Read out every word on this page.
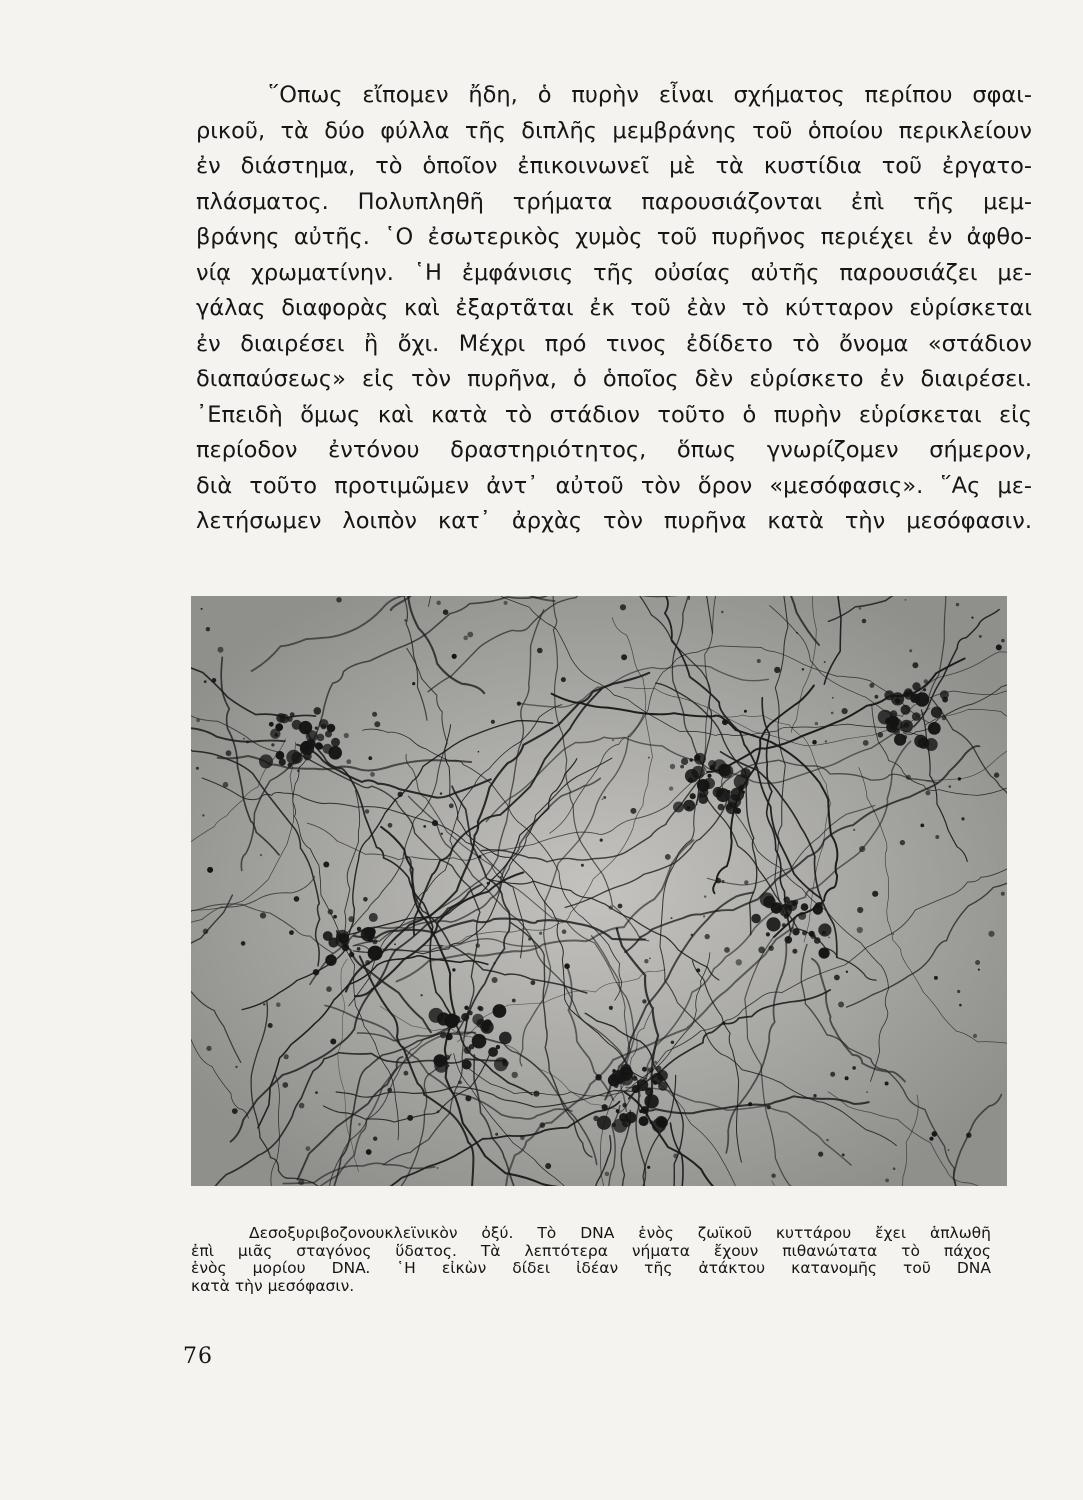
῞Οπως εἴπομεν ἤδη, ὁ πυρὴν εἶναι σχήματος περίπου σφαι-
ρικοῦ, τὰ δύο φύλλα τῆς διπλῆς μεμβράνης τοῦ ὁποίου περικλείουν
ἐν διάστημα, τὸ ὁποῖον ἐπικοινωνεῖ μὲ τὰ κυστίδια τοῦ ἐργατο-
πλάσματος. Πολυπληθῆ τρήματα παρουσιάζονται ἐπὶ τῆς μεμ-
βράνης αὐτῆς. ῾Ο ἐσωτερικὸς χυμὸς τοῦ πυρῆνος περιέχει ἐν ἀφθο-
νίᾳ χρωματίνην. ῾Η ἐμφάνισις τῆς οὐσίας αὐτῆς παρουσιάζει με-
γάλας διαφορὰς καὶ ἐξαρτᾶται ἐκ τοῦ ἐὰν τὸ κύτταρον εὑρίσκεται
ἐν διαιρέσει ἢ ὄχι. Μέχρι πρό τινος ἐδίδετο τὸ ὄνομα «στάδιον
διαπαύσεως» εἰς τὸν πυρῆνα, ὁ ὁποῖος δὲν εὑρίσκετο ἐν διαιρέσει.
᾿Επειδὴ ὅμως καὶ κατὰ τὸ στάδιον τοῦτο ὁ πυρὴν εὑρίσκεται εἰς
περίοδον ἐντόνου δραστηριότητος, ὅπως γνωρίζομεν σήμερον,
διὰ τοῦτο προτιμῶμεν ἀντ᾿ αὐτοῦ τὸν ὅρον «μεσόφασις». ῞Ας με-
λετήσωμεν λοιπὸν κατ᾿ ἀρχὰς τὸν πυρῆνα κατὰ τὴν μεσόφασιν.
Δεσοξυριβοζονουκλεϊνικὸν ὀξύ. Τὸ DNA ἑνὸς ζωϊκοῦ κυττάρου ἔχει ἁπλωθῆ
ἐπὶ μιᾶς σταγόνος ὕδατος. Τὰ λεπτότερα νήματα ἔχουν πιθανώτατα τὸ πάχος
ἑνὸς μορίου DNA. ῾Η εἰκὼν δίδει ἰδέαν τῆς ἀτάκτου κατανομῆς τοῦ DNA
κατὰ τὴν μεσόφασιν.
76
